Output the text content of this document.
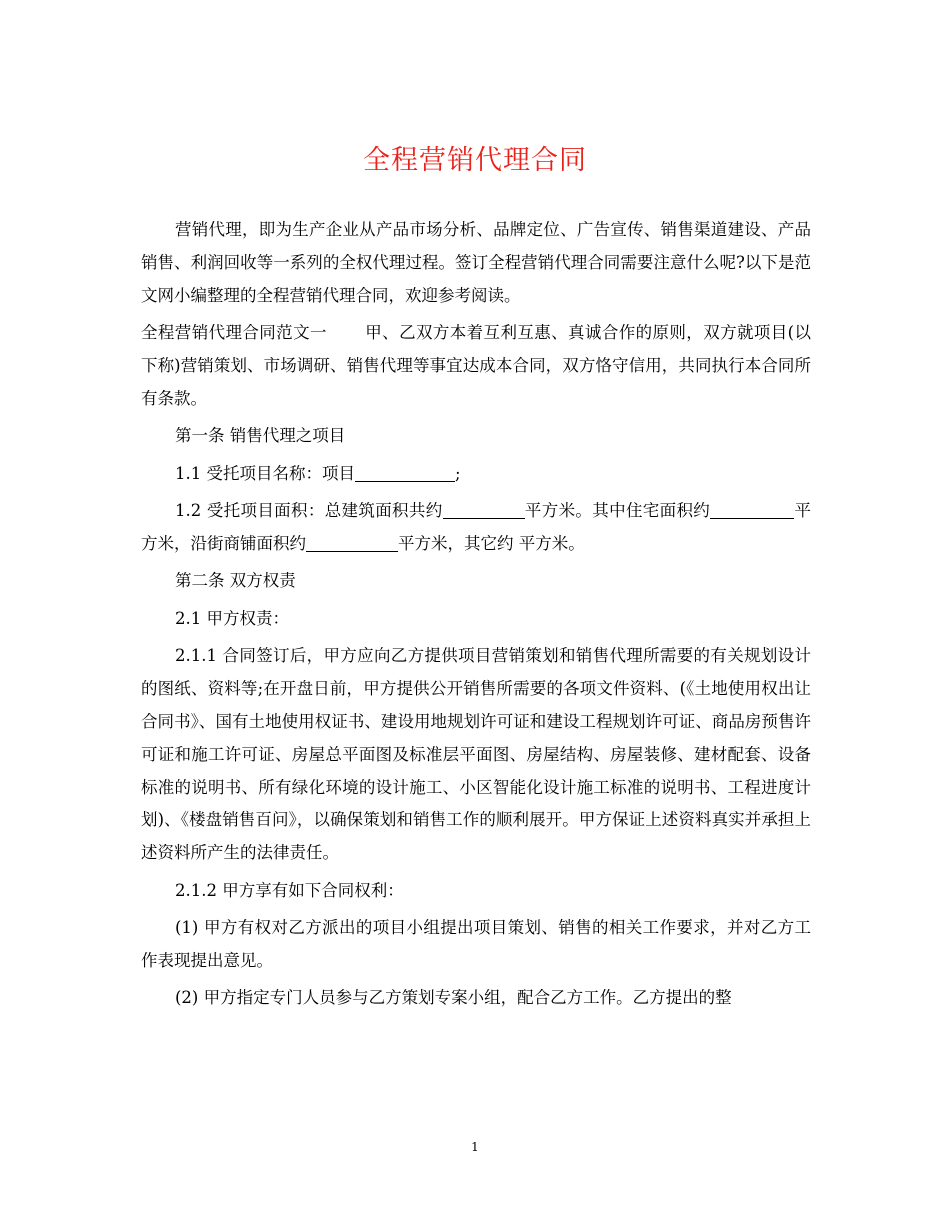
全程营销代理合同

营销代理，即为生产企业从产品市场分析、品牌定位、广告宣传、销售渠道建设、产品销售、利润回收等一系列的全权代理过程。签订全程营销代理合同需要注意什么呢?以下是范文网小编整理的全程营销代理合同，欢迎参考阅读。

全程营销代理合同范文一 甲、乙双方本着互利互惠、真诚合作的原则，双方就项目(以下称)营销策划、市场调研、销售代理等事宜达成本合同，双方恪守信用，共同执行本合同所有条款。

第一条 销售代理之项目

1.1 受托项目名称：项目	;

1.2 受托项目面积：总建筑面积共约	平方米。其中住宅面积约	平方米，沿街商铺面积约	平方米，其它约 平方米。

第二条 双方权责

2.1 甲方权责：

2.1.1 合同签订后，甲方应向乙方提供项目营销策划和销售代理所需要的有关规划设计的图纸、资料等;在开盘日前，甲方提供公开销售所需要的各项文件资料、(《土地使用权出让合同书》、国有土地使用权证书、建设用地规划许可证和建设工程规划许可证、商品房预售许可证和施工许可证、房屋总平面图及标准层平面图、房屋结构、房屋装修、建材配套、设备标准的说明书、所有绿化环境的设计施工、小区智能化设计施工标准的说明书、工程进度计划)、《楼盘销售百问》，以确保策划和销售工作的顺利展开。甲方保证上述资料真实并承担上述资料所产生的法律责任。

2.1.2 甲方享有如下合同权利：

(1) 甲方有权对乙方派出的项目小组提出项目策划、销售的相关工作要求，并对乙方工作表现提出意见。

(2) 甲方指定专门人员参与乙方策划专案小组，配合乙方工作。乙方提出的整

1
